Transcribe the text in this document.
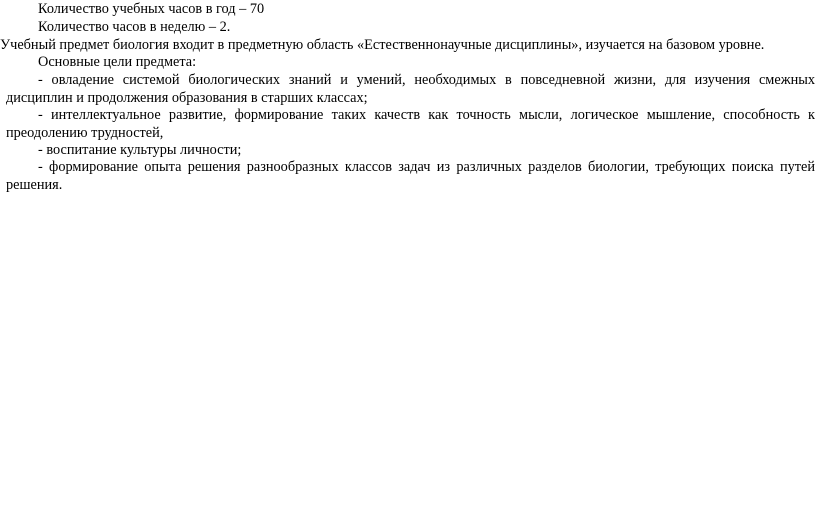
Количество учебных часов в год – 70
Количество часов в неделю – 2.
Учебный предмет биология входит в предметную область «Естественнонаучные дисциплины», изучается на базовом уровне.
Основные цели предмета:
- овладение системой биологических знаний и умений, необходимых в повседневной жизни, для изучения смежных дисциплин и продолжения образования в старших классах;
- интеллектуальное развитие, формирование таких качеств как точность мысли, логическое мышление, способность к преодолению трудностей,
- воспитание культуры личности;
- формирование опыта решения разнообразных классов задач из различных разделов биологии, требующих поиска путей решения.
